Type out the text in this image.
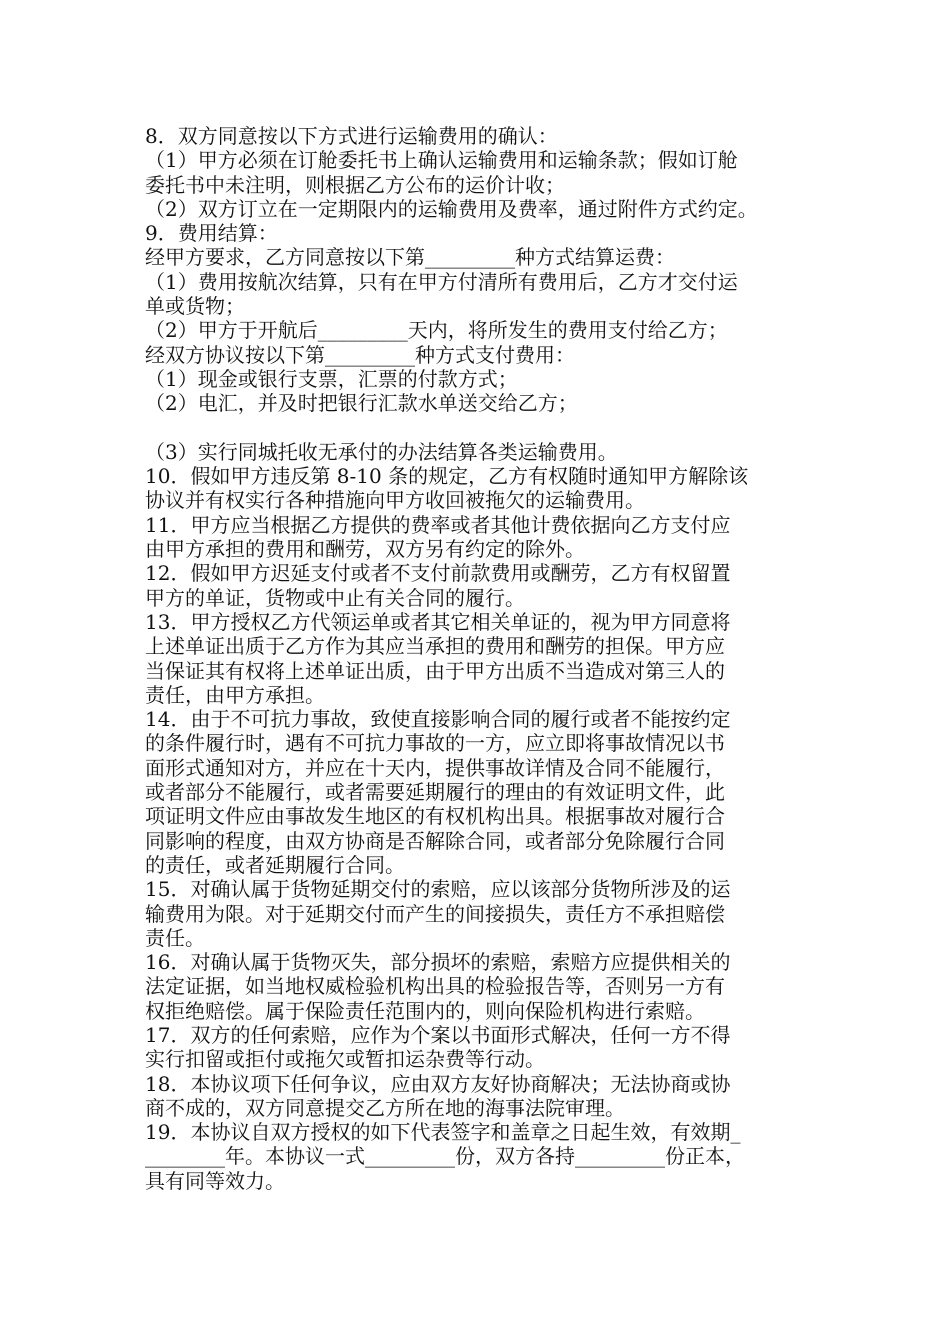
8．双方同意按以下方式进行运输费用的确认：
（1）甲方必须在订舱委托书上确认运输费用和运输条款；假如订舱
委托书中未注明，则根据乙方公布的运价计收；
（2）双方订立在一定期限内的运输费用及费率，通过附件方式约定。
9．费用结算：
经甲方要求，乙方同意按以下第_________种方式结算运费：
（1）费用按航次结算，只有在甲方付清所有费用后，乙方才交付运
单或货物；
（2）甲方于开航后_________天内，将所发生的费用支付给乙方；
经双方协议按以下第_________种方式支付费用：
（1）现金或银行支票，汇票的付款方式；
（2）电汇，并及时把银行汇款水单送交给乙方；
（3）实行同城托收无承付的办法结算各类运输费用。
10．假如甲方违反第 8-10 条的规定，乙方有权随时通知甲方解除该
协议并有权实行各种措施向甲方收回被拖欠的运输费用。
11．甲方应当根据乙方提供的费率或者其他计费依据向乙方支付应
由甲方承担的费用和酬劳，双方另有约定的除外。
12．假如甲方迟延支付或者不支付前款费用或酬劳，乙方有权留置
甲方的单证，货物或中止有关合同的履行。
13．甲方授权乙方代领运单或者其它相关单证的，视为甲方同意将
上述单证出质于乙方作为其应当承担的费用和酬劳的担保。甲方应
当保证其有权将上述单证出质，由于甲方出质不当造成对第三人的
责任，由甲方承担。
14．由于不可抗力事故，致使直接影响合同的履行或者不能按约定
的条件履行时，遇有不可抗力事故的一方，应立即将事故情况以书
面形式通知对方，并应在十天内，提供事故详情及合同不能履行，
或者部分不能履行，或者需要延期履行的理由的有效证明文件，此
项证明文件应由事故发生地区的有权机构出具。根据事故对履行合
同影响的程度，由双方协商是否解除合同，或者部分免除履行合同
的责任，或者延期履行合同。
15．对确认属于货物延期交付的索赔，应以该部分货物所涉及的运
输费用为限。对于延期交付而产生的间接损失，责任方不承担赔偿
责任。
16．对确认属于货物灭失，部分损坏的索赔，索赔方应提供相关的
法定证据，如当地权威检验机构出具的检验报告等，否则另一方有
权拒绝赔偿。属于保险责任范围内的，则向保险机构进行索赔。
17．双方的任何索赔，应作为个案以书面形式解决，任何一方不得
实行扣留或拒付或拖欠或暂扣运杂费等行动。
18．本协议项下任何争议，应由双方友好协商解决；无法协商或协
商不成的，双方同意提交乙方所在地的海事法院审理。
19．本协议自双方授权的如下代表签字和盖章之日起生效，有效期_
________年。本协议一式_________份，双方各持_________份正本，
具有同等效力。
